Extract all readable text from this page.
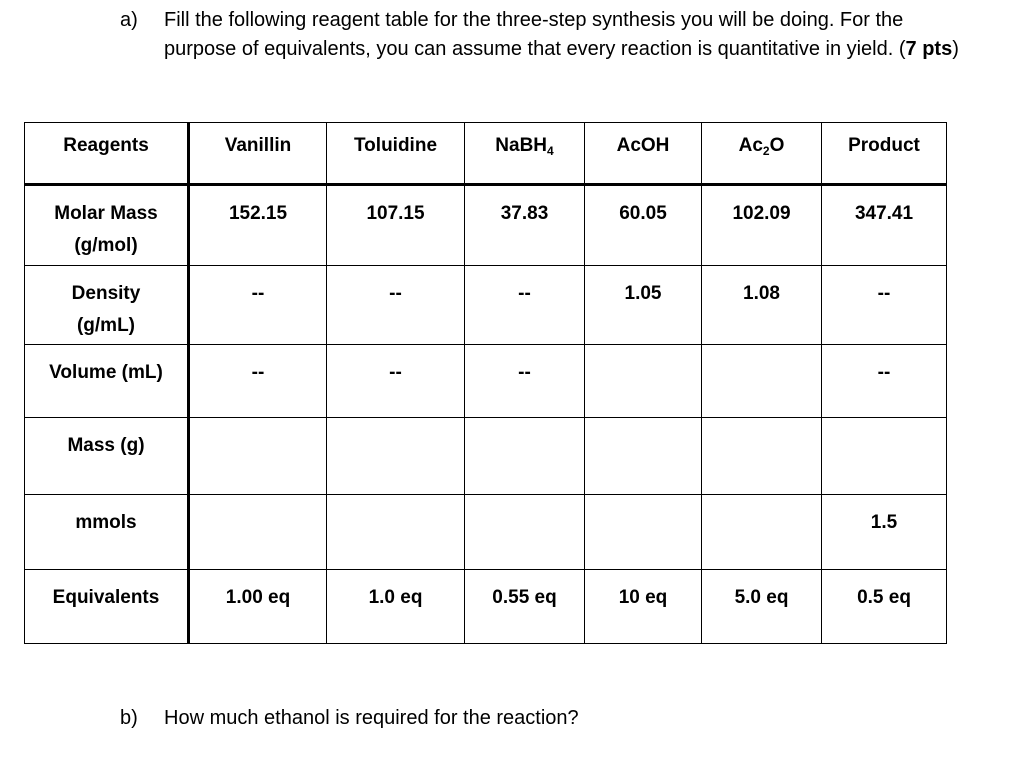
a) Fill the following reagent table for the three-step synthesis you will be doing. For the purpose of equivalents, you can assume that every reaction is quantitative in yield. (7 pts)
Reagents	Vanillin	Toluidine	NaBH$_4$	AcOH	$Ac_2O$	Product
Molar Mass
(g/mol)	152.15	107.15	37.83	60.05	102.09	347.41
Density
(g/mL)	--	--	--	1.05	1.08	--
Volume (mL)	--	--	--			--
Mass (g)						
mmols						1.5
Equivalents	1.00 eq	1.0 eq	0.55 eq	10 eq	5.0 eq	0.5 eq
b) How much ethanol is required for the reaction?
